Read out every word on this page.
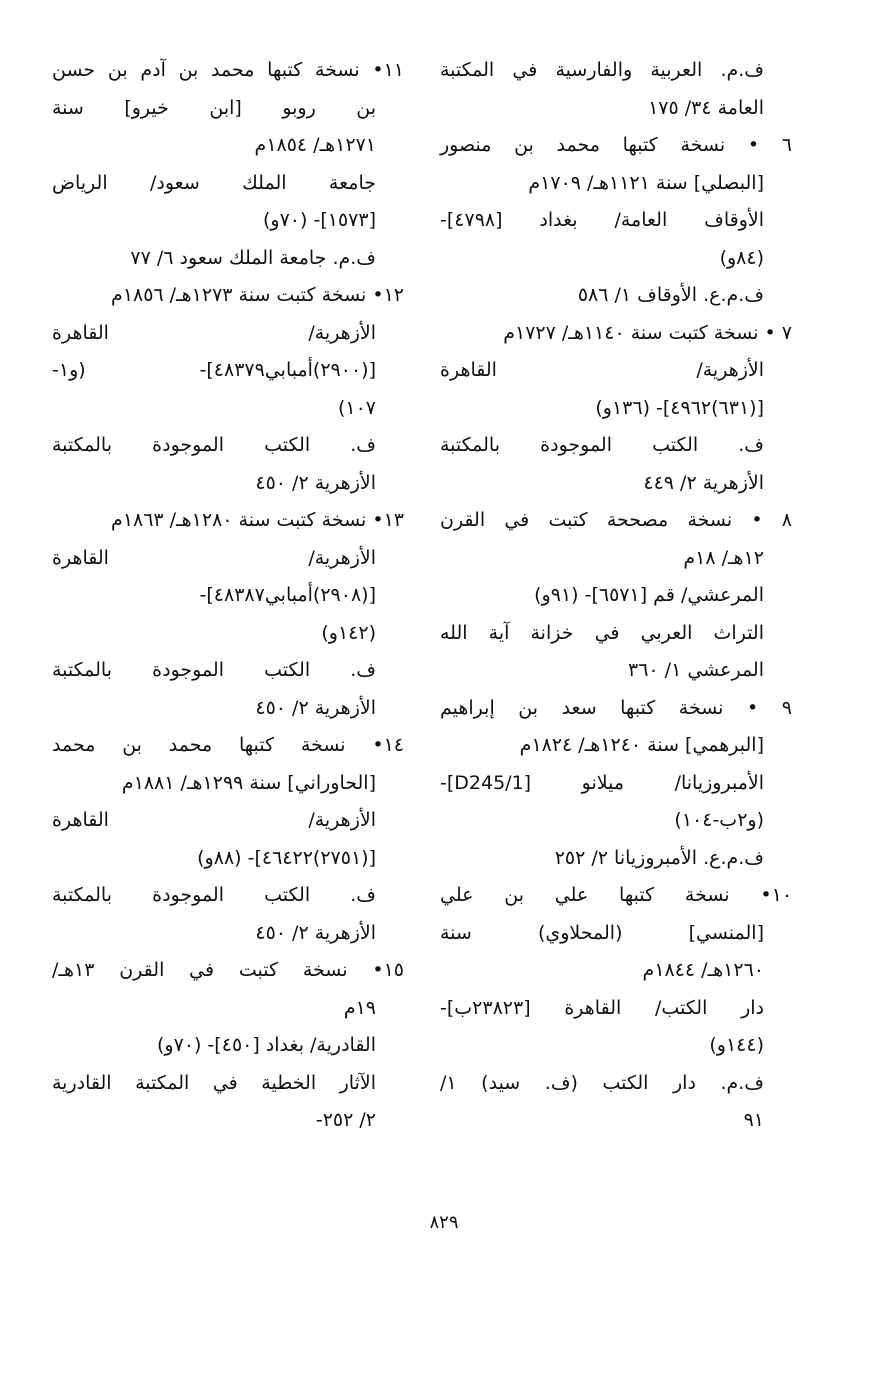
ف.م. العربية والفارسية في المكتبة
العامة ٣٤/ ١٧٥
٦ • نسخة كتبها محمد بن منصور
[البصلي] سنة ١١٢١هـ/ ١٧٠٩م
الأوقاف العامة/ بغداد [٤٧٩٨]-
(٨٤و)
ف.م.ع. الأوقاف ١/ ٥٨٦
٧ • نسخة كتبت سنة ١١٤٠هـ/ ١٧٢٧م
الأزهرية/ القاهرة
[(٦٣١)٤٩٦٢]- (١٣٦و)
ف. الكتب الموجودة بالمكتبة
الأزهرية ٢/ ٤٤٩
٨ • نسخة مصححة كتبت في القرن
١٢هـ/ ١٨م
المرعشي/ قم [٦٥٧١]- (٩١و)
التراث العربي في خزانة آية الله
المرعشي ١/ ٣٦٠
٩ • نسخة كتبها سعد بن إبراهيم
[البرهمي] سنة ١٢٤٠هـ/ ١٨٢٤م
الأمبروزيانا/ ميلانو [D245/1]-
(و٢ب-١٠٤)
ف.م.ع. الأمبروزيانا ٢/ ٢٥٢
١٠• نسخة كتبها علي بن علي
[المنسي] (المحلاوي) سنة
١٢٦٠هـ/ ١٨٤٤م
دار الكتب/ القاهرة [٢٣٨٢٣ب]-
(١٤٤و)
ف.م. دار الكتب (ف. سيد) ١/
٩١
١١• نسخة كتبها محمد بن آدم بن حسن
بن روبو [ابن خيرو] سنة
١٢٧١هـ/ ١٨٥٤م
جامعة الملك سعود/ الرياض
[١٥٧٣]- (٧٠و)
ف.م. جامعة الملك سعود ٦/ ٧٧
١٢• نسخة كتبت سنة ١٢٧٣هـ/ ١٨٥٦م
الأزهرية/ القاهرة
[(٢٩٠٠)أمبابي٤٨٣٧٩]- (و١-
١٠٧)
ف. الكتب الموجودة بالمكتبة
الأزهرية ٢/ ٤٥٠
١٣• نسخة كتبت سنة ١٢٨٠هـ/ ١٨٦٣م
الأزهرية/ القاهرة
[(٢٩٠٨)أمبابي٤٨٣٨٧]-
(١٤٢و)
ف. الكتب الموجودة بالمكتبة
الأزهرية ٢/ ٤٥٠
١٤• نسخة كتبها محمد بن محمد
[الحاوراني] سنة ١٢٩٩هـ/ ١٨٨١م
الأزهرية/ القاهرة
[(٢٧٥١)٤٦٤٢٢]- (٨٨و)
ف. الكتب الموجودة بالمكتبة
الأزهرية ٢/ ٤٥٠
١٥• نسخة كتبت في القرن ١٣هـ/
١٩م
القادرية/ بغداد [٤٥٠]- (٧٠و)
الآثار الخطية في المكتبة القادرية
٢/ ٢٥٢-
٨٢٩
